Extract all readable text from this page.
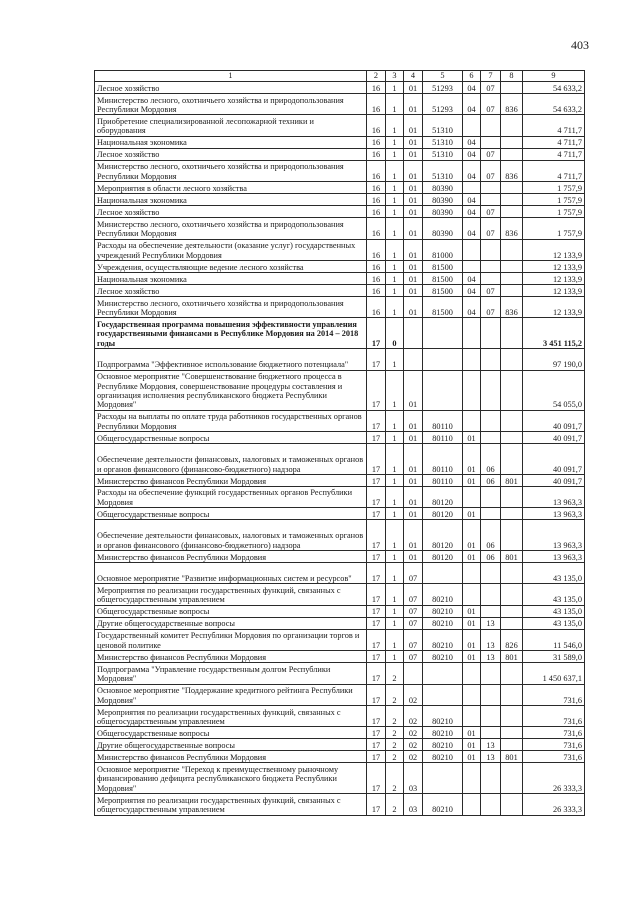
403
1	2	3	4	5	6	7	8	9
Лесное хозяйство	16	1	01	51293	04	07		54 633,2
Министерство лесного, охотничьего хозяйства и природопользования Республики Мордовия	16	1	01	51293	04	07	836	54 633,2
Приобретение специализированной лесопожарной техники и оборудования	16	1	01	51310				4 711,7
Национальная экономика	16	1	01	51310	04			4 711,7
Лесное хозяйство	16	1	01	51310	04	07		4 711,7
Министерство лесного, охотничьего хозяйства и природопользования Республики Мордовия	16	1	01	51310	04	07	836	4 711,7
Мероприятия в области лесного хозяйства	16	1	01	80390				1 757,9
Национальная экономика	16	1	01	80390	04			1 757,9
Лесное хозяйство	16	1	01	80390	04	07		1 757,9
Министерство лесного, охотничьего хозяйства и природопользования Республики Мордовия	16	1	01	80390	04	07	836	1 757,9
Расходы на обеспечение деятельности (оказание услуг) государственных учреждений Республики Мордовия	16	1	01	81000				12 133,9
Учреждения, осуществляющие ведение лесного хозяйства	16	1	01	81500				12 133,9
Национальная экономика	16	1	01	81500	04			12 133,9
Лесное хозяйство	16	1	01	81500	04	07		12 133,9
Министерство лесного, охотничьего хозяйства и природопользования Республики Мордовия	16	1	01	81500	04	07	836	12 133,9
Государственная программа повышения эффективности управления государственными финансами в Республике Мордовия на 2014 – 2018 годы	17	0						3 451 115,2
Подпрограмма "Эффективное использование бюджетного потенциала"	17	1						97 190,0
Основное мероприятие "Совершенствование бюджетного процесса в Республике Мордовия, совершенствование процедуры составления и организация исполнения республиканского бюджета Республики Мордовия"	17	1	01					54 055,0
Расходы на выплаты по оплате труда работников государственных органов Республики Мордовия	17	1	01	80110				40 091,7
Общегосударственные вопросы	17	1	01	80110	01			40 091,7
Обеспечение деятельности финансовых, налоговых и таможенных органов и органов финансового (финансово-бюджетного) надзора	17	1	01	80110	01	06		40 091,7
Министерство финансов Республики Мордовия	17	1	01	80110	01	06	801	40 091,7
Расходы на обеспечение функций государственных органов Республики Мордовия	17	1	01	80120				13 963,3
Общегосударственные вопросы	17	1	01	80120	01			13 963,3
Обеспечение деятельности финансовых, налоговых и таможенных органов и органов финансового (финансово-бюджетного) надзора	17	1	01	80120	01	06		13 963,3
Министерство финансов Республики Мордовия	17	1	01	80120	01	06	801	13 963,3
Основное мероприятие "Развитие информационных систем и ресурсов"	17	1	07					43 135,0
Мероприятия по реализации государственных функций, связанных с общегосударственным управлением	17	1	07	80210				43 135,0
Общегосударственные вопросы	17	1	07	80210	01			43 135,0
Другие общегосударственные вопросы	17	1	07	80210	01	13		43 135,0
Государственный комитет Республики Мордовия по организации торгов и ценовой политике	17	1	07	80210	01	13	826	11 546,0
Министерство финансов Республики Мордовия	17	1	07	80210	01	13	801	31 589,0
Подпрограмма "Управление государственным долгом Республики Мордовия"	17	2						1 450 637,1
Основное мероприятие "Поддержание кредитного рейтинга Республики Мордовия"	17	2	02					731,6
Мероприятия по реализации государственных функций, связанных с общегосударственным управлением	17	2	02	80210				731,6
Общегосударственные вопросы	17	2	02	80210	01			731,6
Другие общегосударственные вопросы	17	2	02	80210	01	13		731,6
Министерство финансов Республики Мордовия	17	2	02	80210	01	13	801	731,6
Основное мероприятие "Переход к преимущественному рыночному финансированию дефицита республиканского бюджета Республики Мордовия"	17	2	03					26 333,3
Мероприятия по реализации государственных функций, связанных с общегосударственным управлением	17	2	03	80210				26 333,3
